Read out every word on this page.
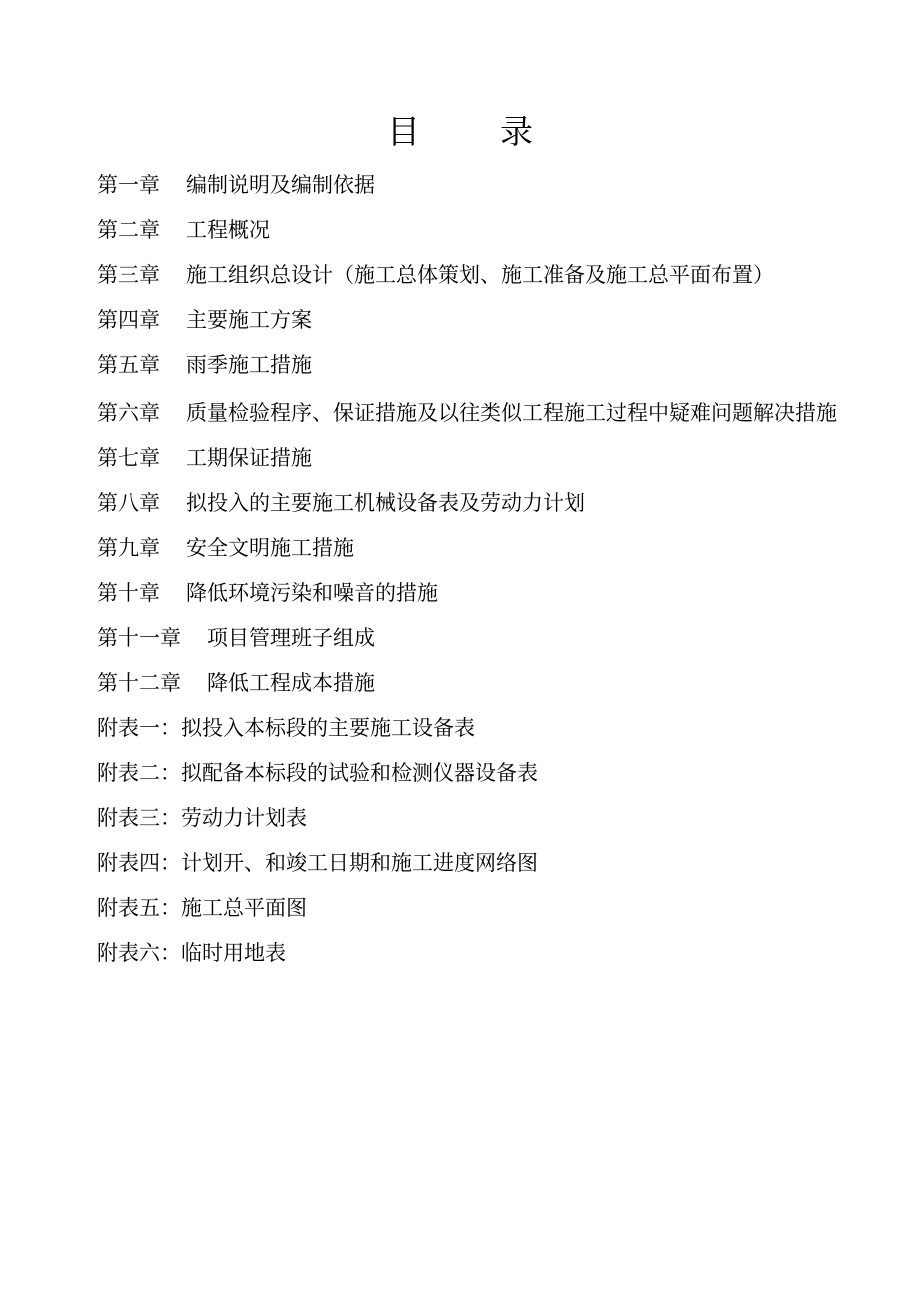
目 录
第一章 编制说明及编制依据
第二章 工程概况
第三章 施工组织总设计（施工总体策划、施工准备及施工总平面布置）
第四章 主要施工方案
第五章 雨季施工措施
第六章 质量检验程序、保证措施及以往类似工程施工过程中疑难问题解决措施
第七章 工期保证措施
第八章 拟投入的主要施工机械设备表及劳动力计划
第九章 安全文明施工措施
第十章 降低环境污染和噪音的措施
第十一章 项目管理班子组成
第十二章 降低工程成本措施
附表一：拟投入本标段的主要施工设备表
附表二：拟配备本标段的试验和检测仪器设备表
附表三：劳动力计划表
附表四：计划开、和竣工日期和施工进度网络图
附表五：施工总平面图
附表六：临时用地表
